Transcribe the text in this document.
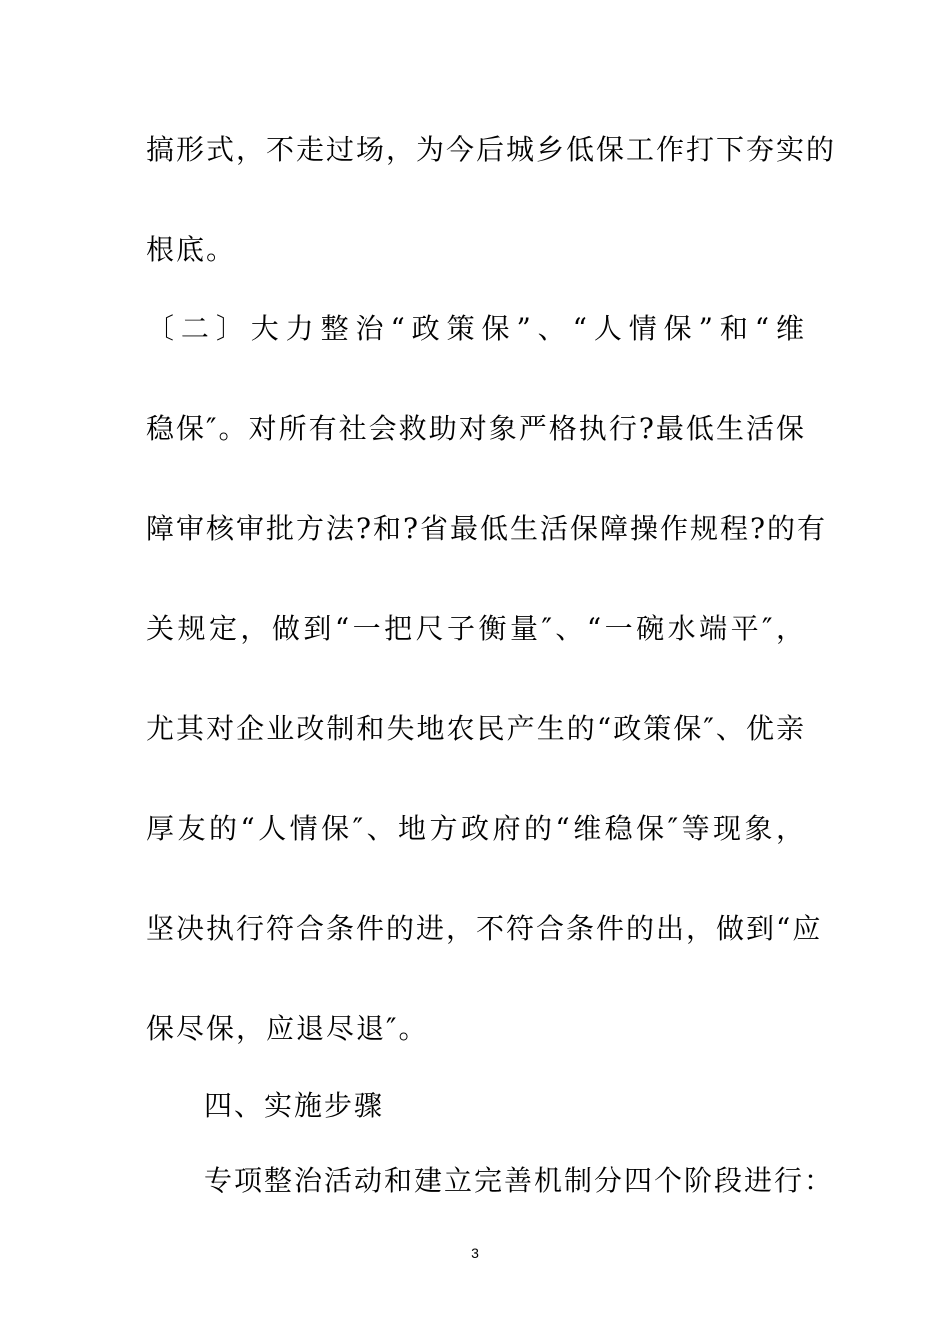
搞形式，不走过场，为今后城乡低保工作打下夯实的
根底。
〔二〕大力整治“政策保”、“人情保”和“维
稳保″。对所有社会救助对象严格执行?最低生活保
障审核审批方法?和?省最低生活保障操作规程?的有
关规定，做到“一把尺子衡量″、“一碗水端平″，
尤其对企业改制和失地农民产生的“政策保″、优亲
厚友的“人情保″、地方政府的“维稳保″等现象，
坚决执行符合条件的进，不符合条件的出，做到“应
保尽保，应退尽退″。
四、实施步骤
专项整治活动和建立完善机制分四个阶段进行：
3
